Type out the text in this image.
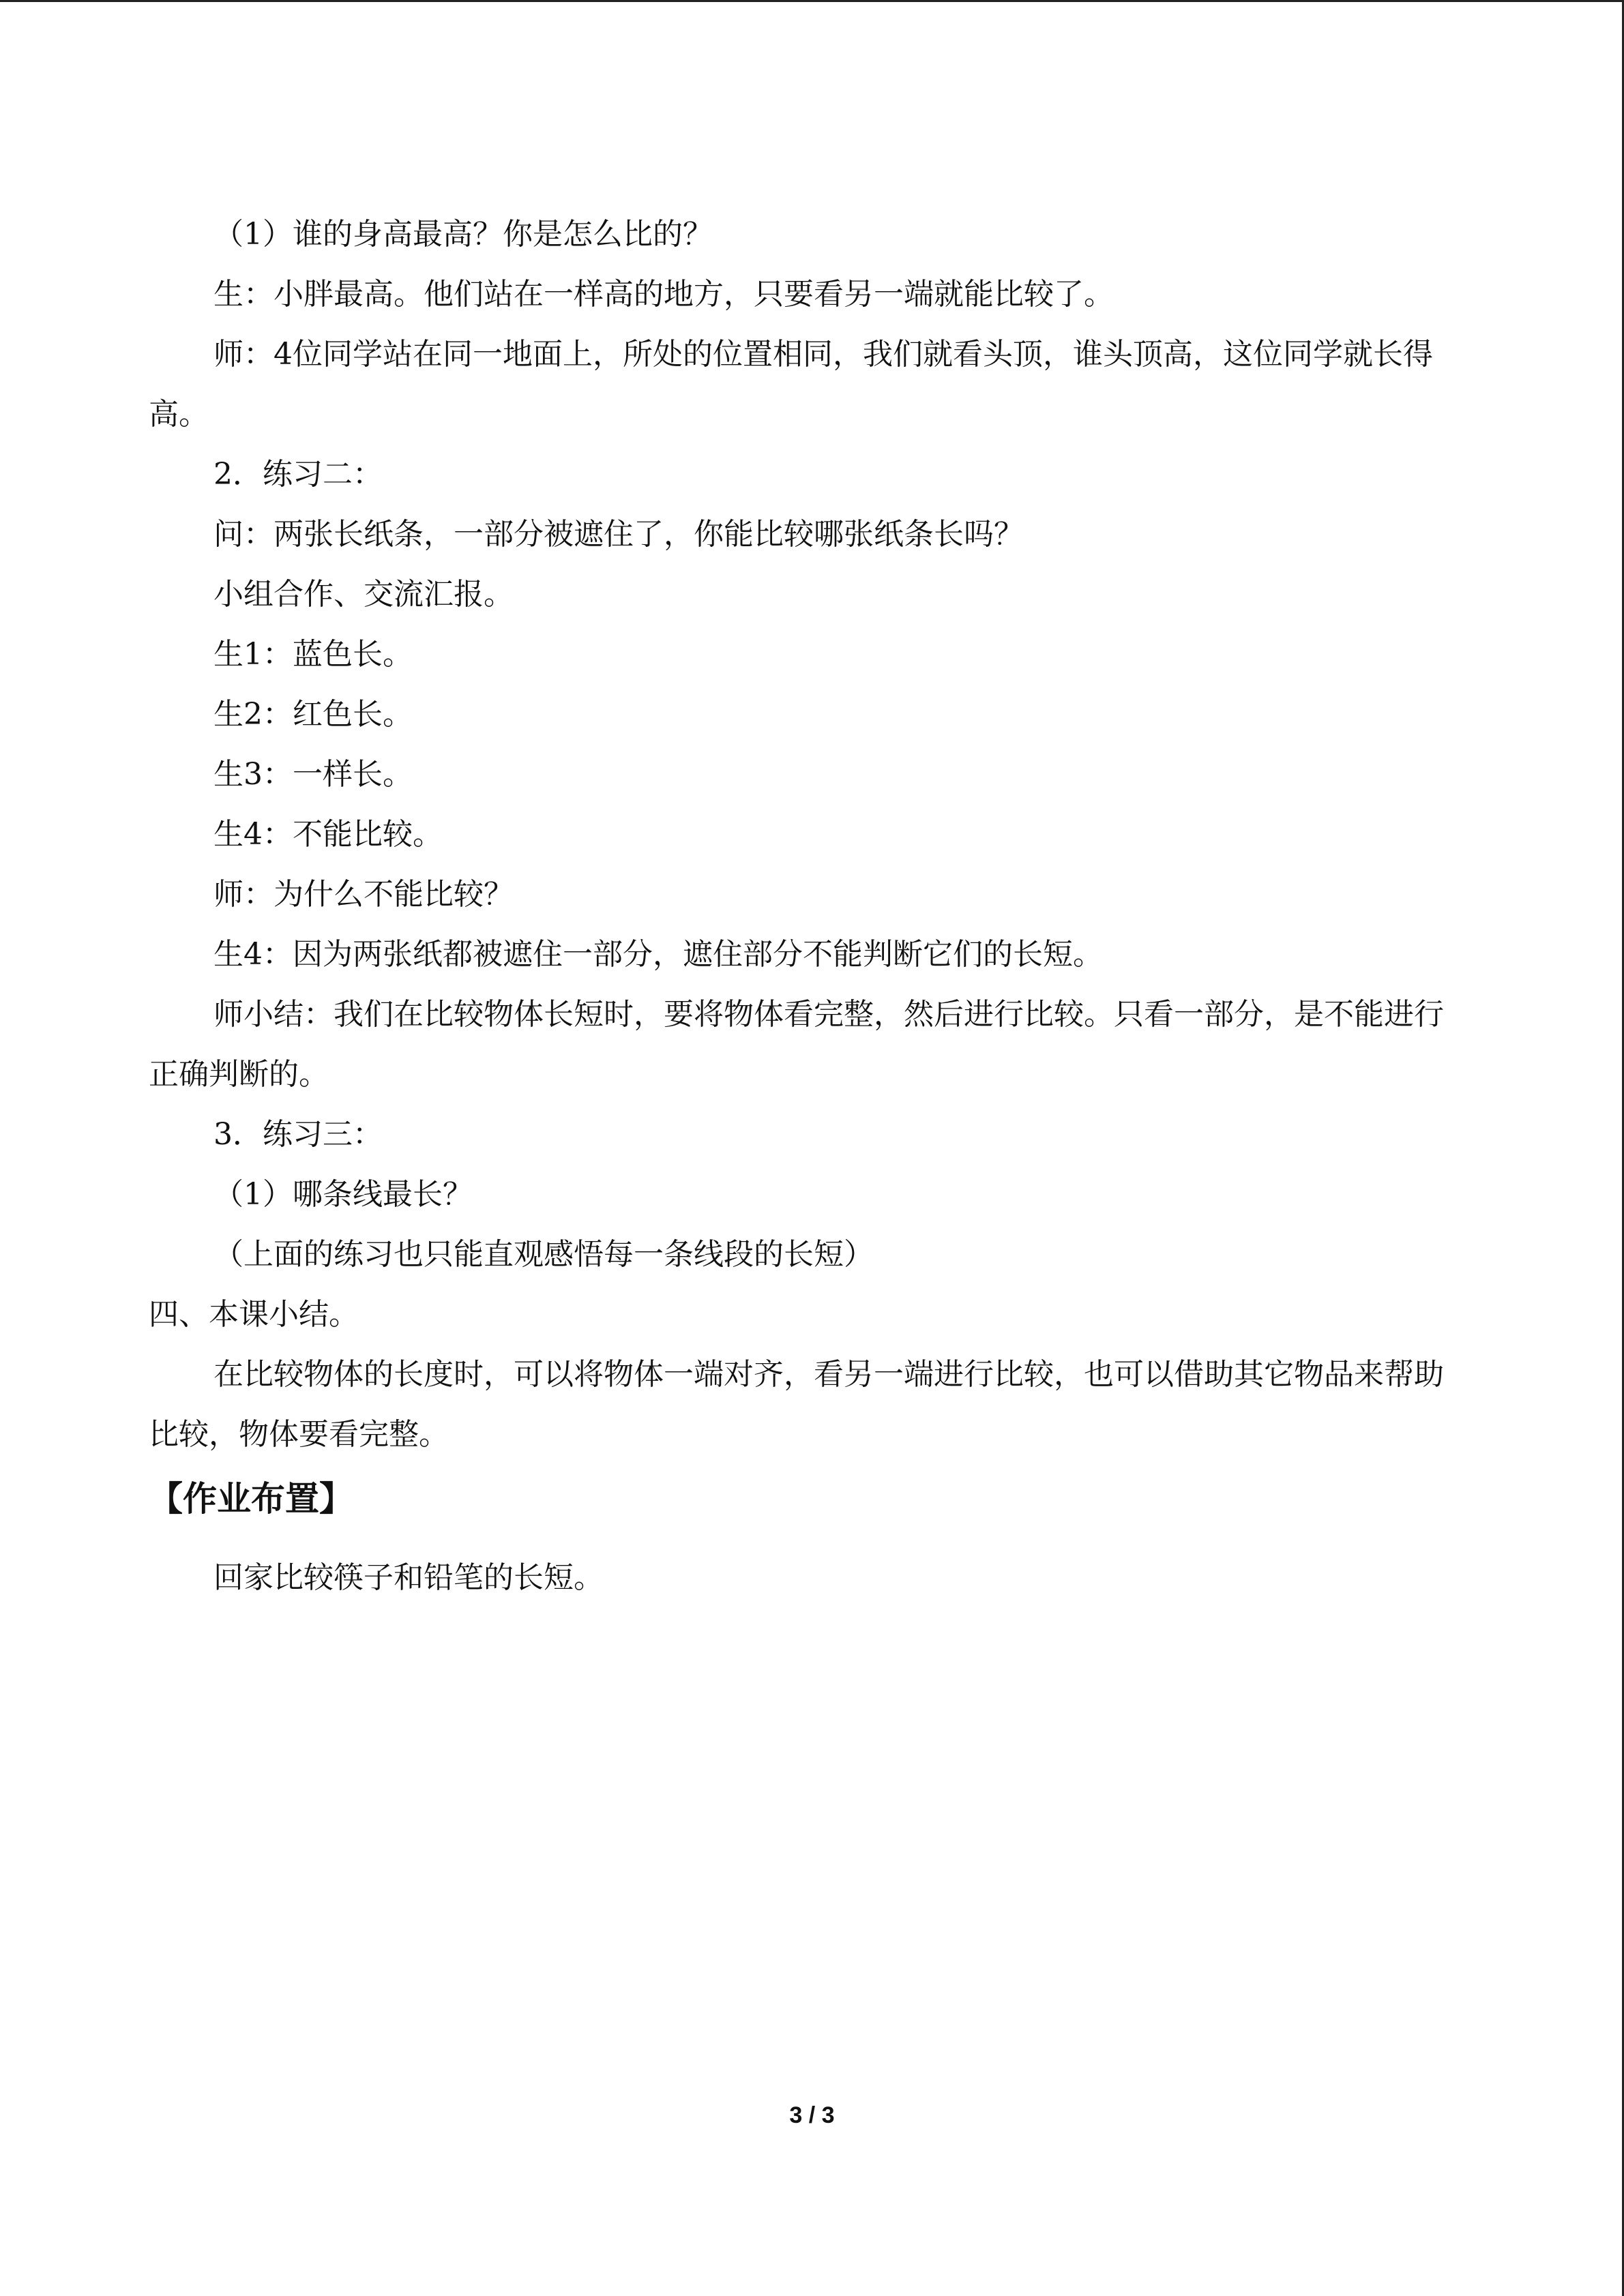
（1）谁的身高最高？你是怎么比的？

生：小胖最高。他们站在一样高的地方，只要看另一端就能比较了。

师：4位同学站在同一地面上，所处的位置相同，我们就看头顶，谁头顶高，这位同学就长得高。

2．练习二：

问：两张长纸条，一部分被遮住了，你能比较哪张纸条长吗？

小组合作、交流汇报。

生1：蓝色长。

生2：红色长。

生3：一样长。

生4：不能比较。

师：为什么不能比较？

生4：因为两张纸都被遮住一部分，遮住部分不能判断它们的长短。

师小结：我们在比较物体长短时，要将物体看完整，然后进行比较。只看一部分，是不能进行正确判断的。

3．练习三：

（1）哪条线最长？

（上面的练习也只能直观感悟每一条线段的长短）

四、本课小结。

在比较物体的长度时，可以将物体一端对齐，看另一端进行比较，也可以借助其它物品来帮助比较，物体要看完整。

【作业布置】

回家比较筷子和铅笔的长短。

3 / 3
